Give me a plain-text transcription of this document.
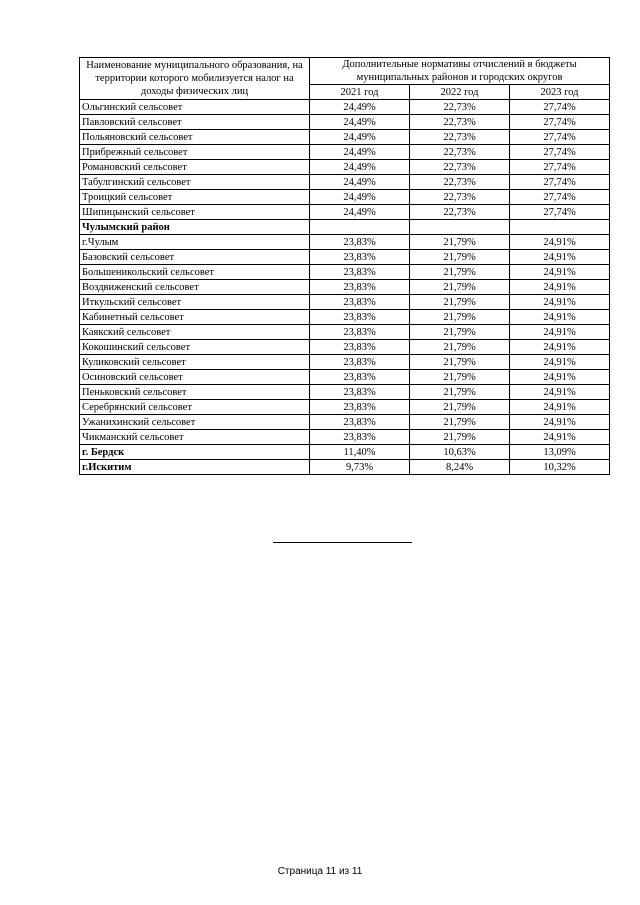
Наименование муниципального образования, на территории которого мобилизуется налог на доходы физических лиц	Дополнительные нормативы отчислений в бюджеты муниципальных районов и городских округов		
	2021 год	2022 год	2023 год
Ольгинский сельсовет	24,49%	22,73%	27,74%
Павловский сельсовет	24,49%	22,73%	27,74%
Польяновский сельсовет	24,49%	22,73%	27,74%
Прибрежный сельсовет	24,49%	22,73%	27,74%
Романовский сельсовет	24,49%	22,73%	27,74%
Табулгинский сельсовет	24,49%	22,73%	27,74%
Троицкий сельсовет	24,49%	22,73%	27,74%
Шипицынский сельсовет	24,49%	22,73%	27,74%
Чулымский район			
г.Чулым	23,83%	21,79%	24,91%
Базовский сельсовет	23,83%	21,79%	24,91%
Большеникольский сельсовет	23,83%	21,79%	24,91%
Воздвиженский сельсовет	23,83%	21,79%	24,91%
Иткульский сельсовет	23,83%	21,79%	24,91%
Кабинетный сельсовет	23,83%	21,79%	24,91%
Каякский сельсовет	23,83%	21,79%	24,91%
Кокошинский сельсовет	23,83%	21,79%	24,91%
Куликовский сельсовет	23,83%	21,79%	24,91%
Осиновский сельсовет	23,83%	21,79%	24,91%
Пеньковский сельсовет	23,83%	21,79%	24,91%
Серебрянский сельсовет	23,83%	21,79%	24,91%
Ужанихинский сельсовет	23,83%	21,79%	24,91%
Чикманский сельсовет	23,83%	21,79%	24,91%
г. Бердск	11,40%	10,63%	13,09%
г.Искитим	9,73%	8,24%	10,32%
Страница 11 из 11
